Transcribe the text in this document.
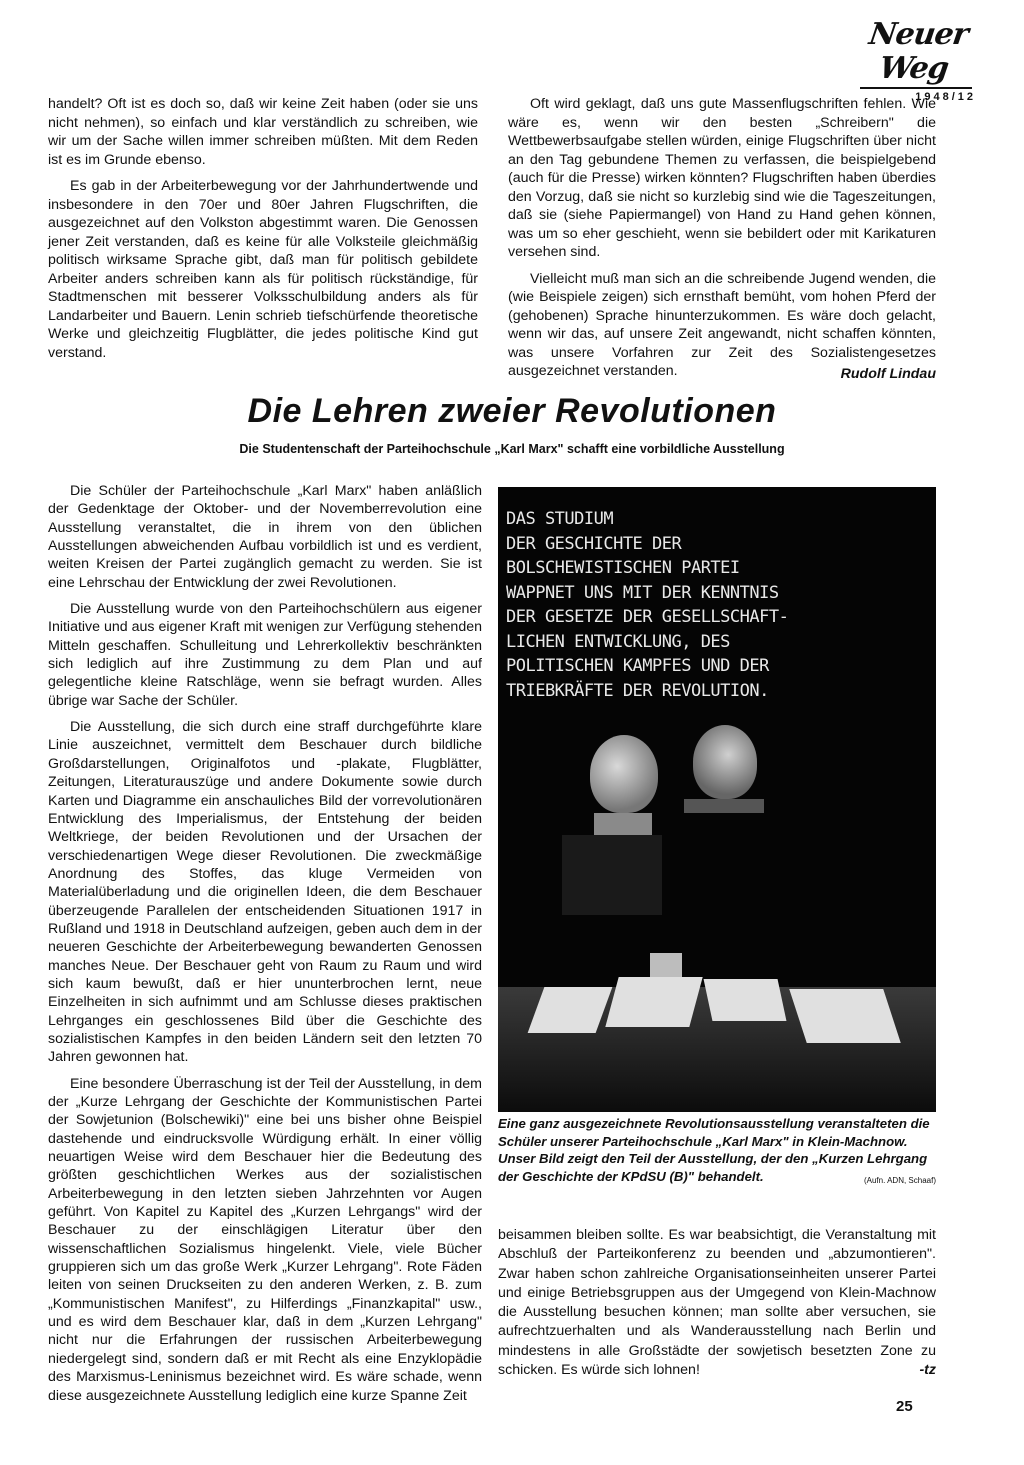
Neuer Weg
1948/12

handelt? Oft ist es doch so, daß wir keine Zeit haben (oder sie uns nicht nehmen), so einfach und klar verständlich zu schreiben, wie wir um der Sache willen immer schreiben müßten. Mit dem Reden ist es im Grunde ebenso.

Es gab in der Arbeiterbewegung vor der Jahrhundertwende und insbesondere in den 70er und 80er Jahren Flugschriften, die ausgezeichnet auf den Volkston abgestimmt waren. Die Genossen jener Zeit verstanden, daß es keine für alle Volksteile gleichmäßig politisch wirksame Sprache gibt, daß man für politisch gebildete Arbeiter anders schreiben kann als für politisch rückständige, für Stadtmenschen mit besserer Volksschulbildung anders als für Landarbeiter und Bauern. Lenin schrieb tiefschürfende theoretische Werke und gleichzeitig Flugblätter, die jedes politische Kind gut verstand.

Oft wird geklagt, daß uns gute Massenflugschriften fehlen. Wie wäre es, wenn wir den besten „Schreibern" die Wettbewerbsaufgabe stellen würden, einige Flugschriften über nicht an den Tag gebundene Themen zu verfassen, die beispielgebend (auch für die Presse) wirken könnten? Flugschriften haben überdies den Vorzug, daß sie nicht so kurzlebig sind wie die Tageszeitungen, daß sie (siehe Papiermangel) von Hand zu Hand gehen können, was um so eher geschieht, wenn sie bebildert oder mit Karikaturen versehen sind.

Vielleicht muß man sich an die schreibende Jugend wenden, die (wie Beispiele zeigen) sich ernsthaft bemüht, vom hohen Pferd der (gehobenen) Sprache hinunterzukommen. Es wäre doch gelacht, wenn wir das, auf unsere Zeit angewandt, nicht schaffen könnten, was unsere Vorfahren zur Zeit des Sozialistengesetzes ausgezeichnet verstanden.	Rudolf Lindau
Die Lehren zweier Revolutionen
Die Studentenschaft der Parteihochschule „Karl Marx" schafft eine vorbildliche Ausstellung

Die Schüler der Parteihochschule „Karl Marx" haben anläßlich der Gedenktage der Oktober- und der Novemberrevolution eine Ausstellung veranstaltet, die in ihrem von den üblichen Ausstellungen abweichenden Aufbau vorbildlich ist und es verdient, weiten Kreisen der Partei zugänglich gemacht zu werden. Sie ist eine Lehrschau der Entwicklung der zwei Revolutionen.

Die Ausstellung wurde von den Parteihochschülern aus eigener Initiative und aus eigener Kraft mit wenigen zur Verfügung stehenden Mitteln geschaffen. Schulleitung und Lehrerkollektiv beschränkten sich lediglich auf ihre Zustimmung zu dem Plan und auf gelegentliche kleine Ratschläge, wenn sie befragt wurden. Alles übrige war Sache der Schüler.

Die Ausstellung, die sich durch eine straff durchgeführte klare Linie auszeichnet, vermittelt dem Beschauer durch bildliche Großdarstellungen, Originalfotos und -plakate, Flugblätter, Zeitungen, Literaturauszüge und andere Dokumente sowie durch Karten und Diagramme ein anschauliches Bild der vorrevolutionären Entwicklung des Imperialismus, der Entstehung der beiden Weltkriege, der beiden Revolutionen und der Ursachen der verschiedenartigen Wege dieser Revolutionen. Die zweckmäßige Anordnung des Stoffes, das kluge Vermeiden von Materialüberladung und die originellen Ideen, die dem Beschauer überzeugende Parallelen der entscheidenden Situationen 1917 in Rußland und 1918 in Deutschland aufzeigen, geben auch dem in der neueren Geschichte der Arbeiterbewegung bewanderten Genossen manches Neue. Der Beschauer geht von Raum zu Raum und wird sich kaum bewußt, daß er hier ununterbrochen lernt, neue Einzelheiten in sich aufnimmt und am Schlusse dieses praktischen Lehrganges ein geschlossenes Bild über die Geschichte des sozialistischen Kampfes in den beiden Ländern seit den letzten 70 Jahren gewonnen hat.

Eine besondere Überraschung ist der Teil der Ausstellung, in dem der „Kurze Lehrgang der Geschichte der Kommunistischen Partei der Sowjetunion (Bolschewiki)" eine bei uns bisher ohne Beispiel dastehende und eindrucksvolle Würdigung erhält. In einer völlig neuartigen Weise wird dem Beschauer hier die Bedeutung des größten geschichtlichen Werkes aus der sozialistischen Arbeiterbewegung in den letzten sieben Jahrzehnten vor Augen geführt. Von Kapitel zu Kapitel des „Kurzen Lehrgangs" wird der Beschauer zu der einschlägigen Literatur über den wissenschaftlichen Sozialismus hingelenkt. Viele, viele Bücher gruppieren sich um das große Werk „Kurzer Lehrgang". Rote Fäden leiten von seinen Druckseiten zu den anderen Werken, z. B. zum „Kommunistischen Manifest", zu Hilferdings „Finanzkapital" usw., und es wird dem Beschauer klar, daß in dem „Kurzen Lehrgang" nicht nur die Erfahrungen der russischen Arbeiterbewegung niedergelegt sind, sondern daß er mit Recht als eine Enzyklopädie des Marxismus-Leninismus bezeichnet wird. Es wäre schade, wenn diese ausgezeichnete Ausstellung lediglich eine kurze Spanne Zeit

DAS STUDIUM
DER GESCHICHTE DER
BOLSCHEWISTISCHEN PARTEI
WAPPNET UNS MIT DER KENNTNIS
DER GESETZE DER GESELLSCHAFT-
LICHEN ENTWICKLUNG, DES
POLITISCHEN KAMPFES UND DER
TRIEBKRÄFTE DER REVOLUTION.
Eine ganz ausgezeichnete Revolutionsausstellung veranstalteten die Schüler unserer Parteihochschule „Karl Marx" in Klein-Machnow. Unser Bild zeigt den Teil der Ausstellung, der den „Kurzen Lehrgang der Geschichte der KPdSU (B)" behandelt.	(Aufn. ADN, Schaaf)

beisammen bleiben sollte. Es war beabsichtigt, die Veranstaltung mit Abschluß der Parteikonferenz zu beenden und „abzumontieren". Zwar haben schon zahlreiche Organisationseinheiten unserer Partei und einige Betriebsgruppen aus der Umgegend von Klein-Machnow die Ausstellung besuchen können; man sollte aber versuchen, sie aufrechtzuerhalten und als Wanderausstellung nach Berlin und mindestens in alle Großstädte der sowjetisch besetzten Zone zu schicken. Es würde sich lohnen!	-tz

25
